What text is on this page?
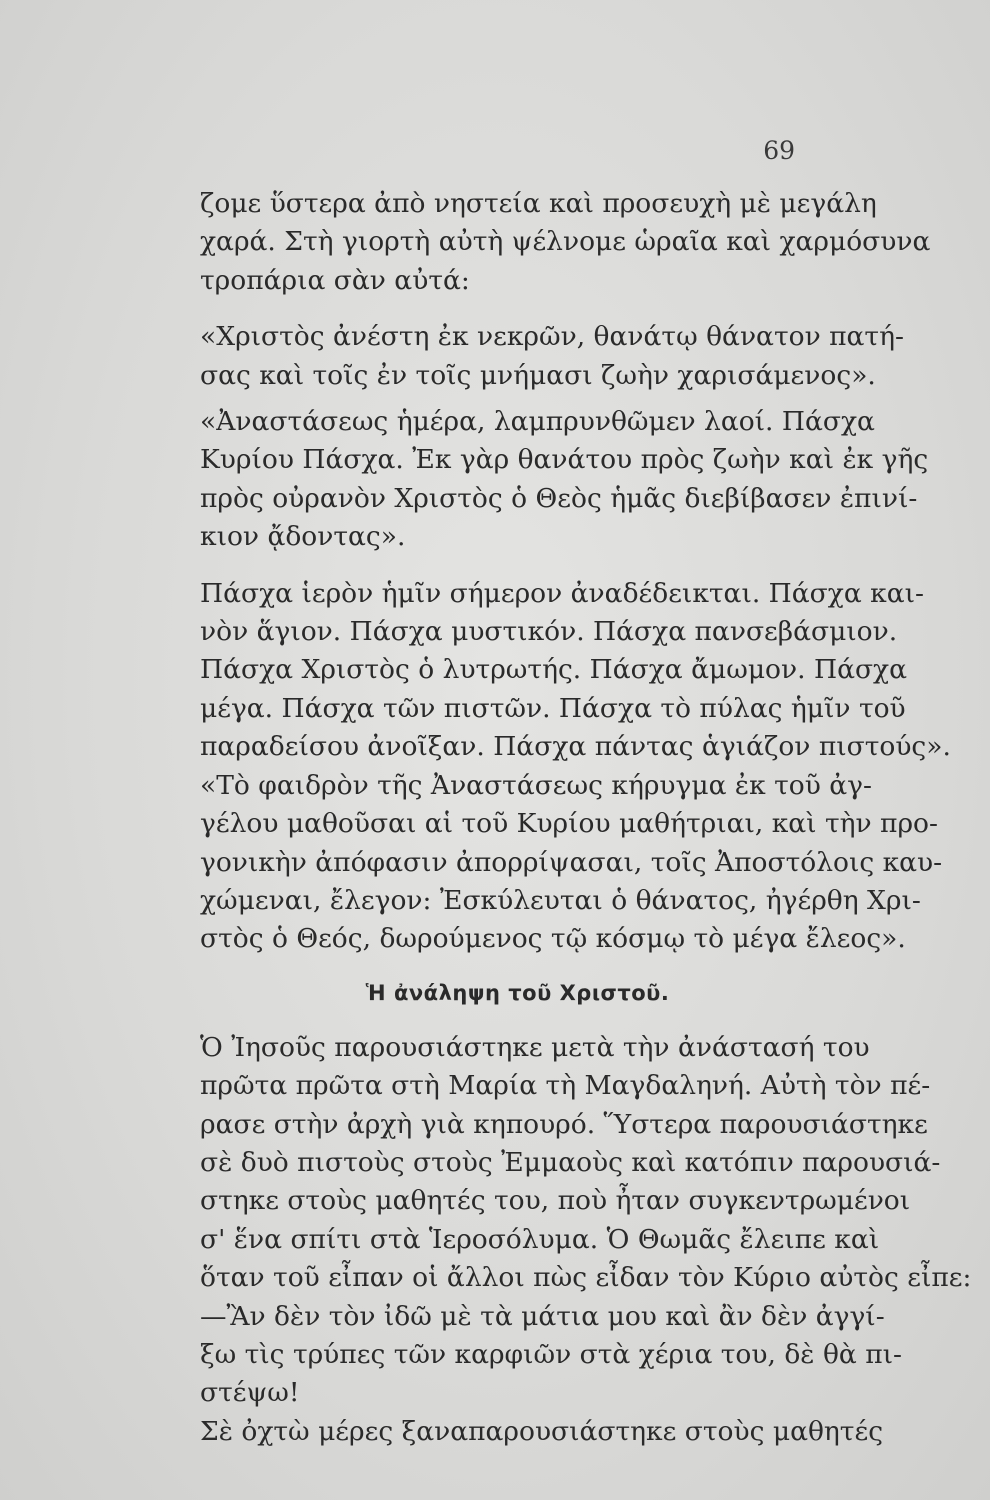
69
ζομε ὕστερα ἀπὸ νηστεία καὶ προσευχὴ μὲ μεγάλη
χαρά. Στὴ γιορτὴ αὐτὴ ψέλνομε ὡραῖα καὶ χαρμόσυνα
τροπάρια σὰν αὐτά:
«Χριστὸς ἀνέστη ἐκ νεκρῶν, θανάτῳ θάνατον πατή-
σας καὶ τοῖς ἐν τοῖς μνήμασι ζωὴν χαρισάμενος».
«Ἀναστάσεως ἡμέρα, λαμπρυνθῶμεν λαοί. Πάσχα
Κυρίου Πάσχα. Ἐκ γὰρ θανάτου πρὸς ζωὴν καὶ ἐκ γῆς
πρὸς οὐρανὸν Χριστὸς ὁ Θεὸς ἡμᾶς διεβίβασεν ἐπινί-
κιον ᾄδοντας».
Πάσχα ἱερὸν ἡμῖν σήμερον ἀναδέδεικται. Πάσχα και-
νὸν ἅγιον. Πάσχα μυστικόν. Πάσχα πανσεβάσμιον.
Πάσχα Χριστὸς ὁ λυτρωτής. Πάσχα ἄμωμον. Πάσχα
μέγα. Πάσχα τῶν πιστῶν. Πάσχα τὸ πύλας ἡμῖν τοῦ
παραδείσου ἀνοῖξαν. Πάσχα πάντας ἁγιάζον πιστούς».
«Τὸ φαιδρὸν τῆς Ἀναστάσεως κήρυγμα ἐκ τοῦ ἀγ-
γέλου μαθοῦσαι αἱ τοῦ Κυρίου μαθήτριαι, καὶ τὴν προ-
γονικὴν ἀπόφασιν ἀπορρίψασαι, τοῖς Ἀποστόλοις καυ-
χώμεναι, ἔλεγον: Ἐσκύλευται ὁ θάνατος, ἠγέρθη Χρι-
στὸς ὁ Θεός, δωρούμενος τῷ κόσμῳ τὸ μέγα ἔλεος».
Ἡ ἀνάληψη τοῦ Χριστοῦ.
Ὁ Ἰησοῦς παρουσιάστηκε μετὰ τὴν ἀνάστασή του
πρῶτα πρῶτα στὴ Μαρία τὴ Μαγδαληνή. Αὐτὴ τὸν πέ-
ρασε στὴν ἀρχὴ γιὰ κηπουρό. Ὕστερα παρουσιάστηκε
σὲ δυὸ πιστοὺς στοὺς Ἐμμαοὺς καὶ κατόπιν παρουσιά-
στηκε στοὺς μαθητές του, ποὺ ἦταν συγκεντρωμένοι
σ' ἕνα σπίτι στὰ Ἱεροσόλυμα. Ὁ Θωμᾶς ἔλειπε καὶ
ὅταν τοῦ εἶπαν οἱ ἄλλοι πὼς εἶδαν τὸν Κύριο αὐτὸς εἶπε:
—Ἂν δὲν τὸν ἰδῶ μὲ τὰ μάτια μου καὶ ἂν δὲν ἀγγί-
ξω τὶς τρύπες τῶν καρφιῶν στὰ χέρια του, δὲ θὰ πι-
στέψω!
Σὲ ὀχτὼ μέρες ξαναπαρουσιάστηκε στοὺς μαθητές
